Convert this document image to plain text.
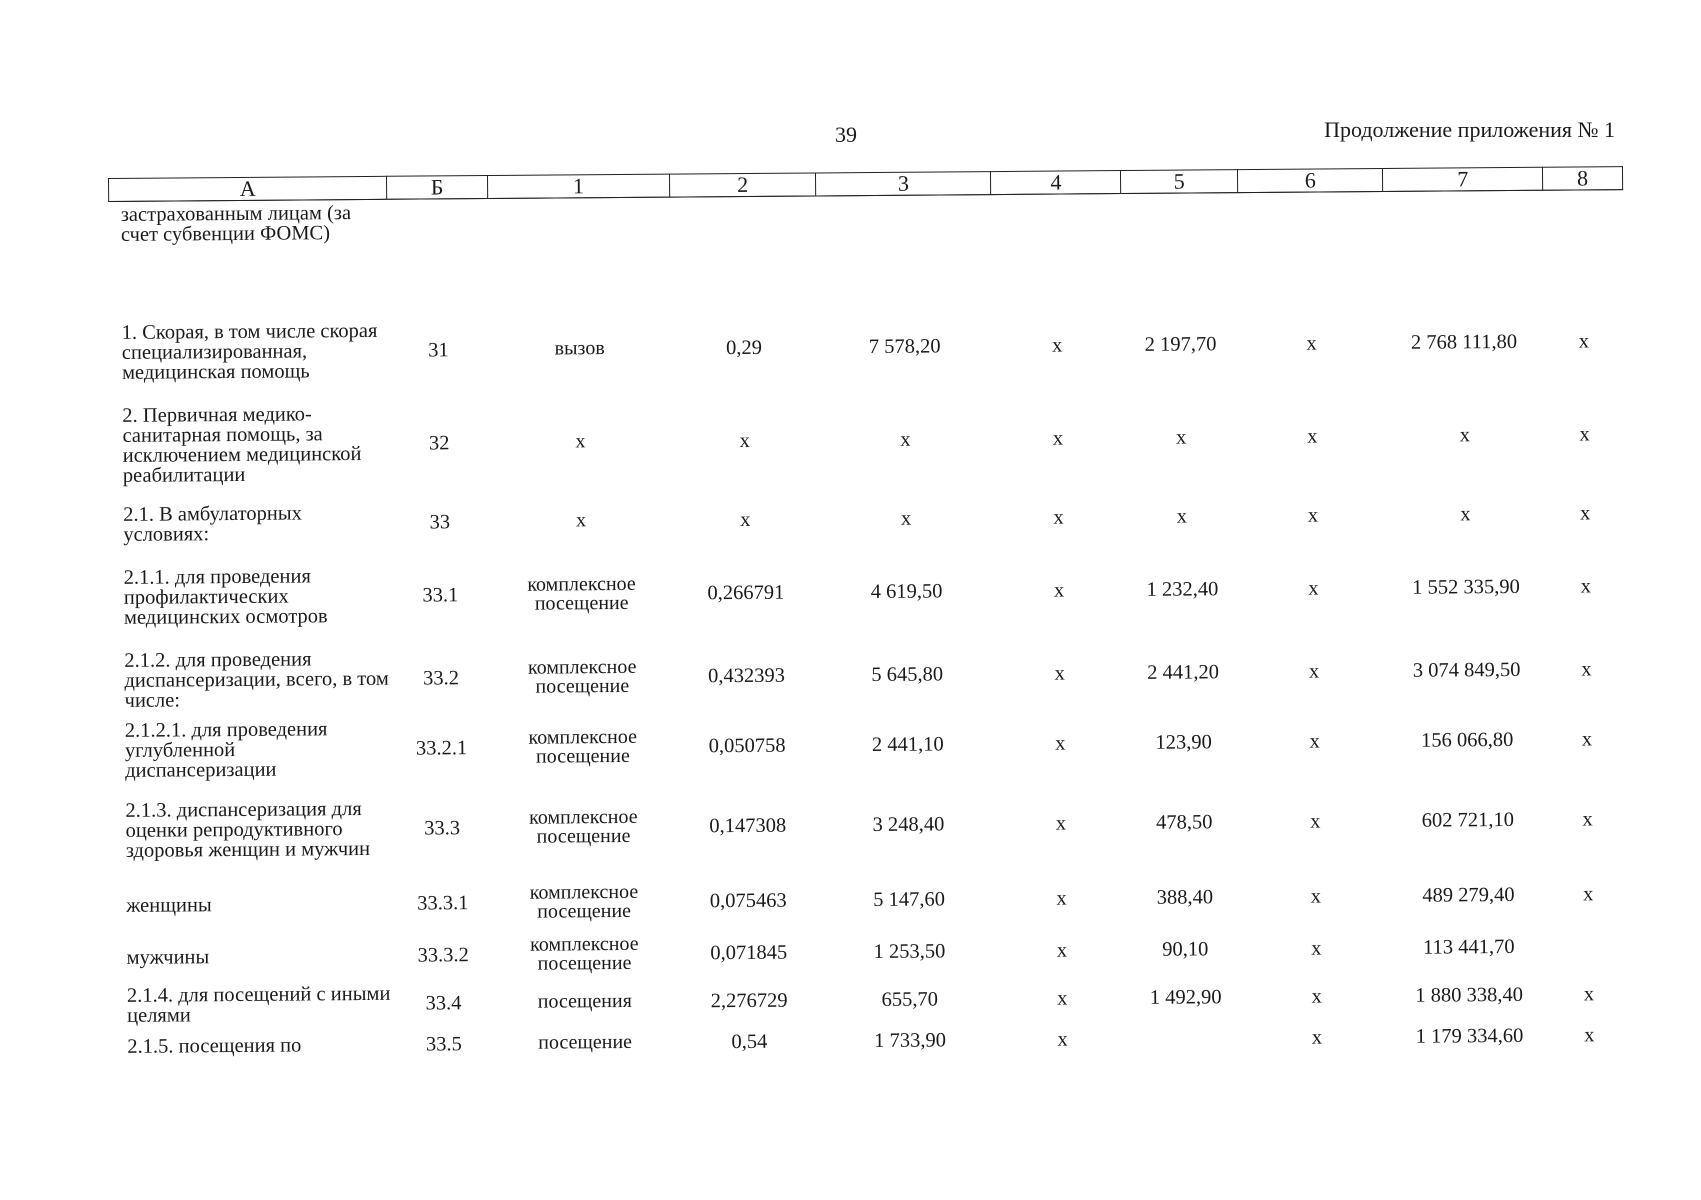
39	Продолжение приложения № 1
А	Б	1	2	3	4	5	6	7	8
застрахованным лицам (за счет субвенции ФОМС)									
1. Скорая, в том числе скорая специализированная, медицинская помощь	31	вызов	0,29	7 578,20	x	2 197,70	x	2 768 111,80	x
2. Первичная медико-санитарная помощь, за исключением медицинской реабилитации	32	x	x	x	x	x	x	x	x
2.1. В амбулаторных условиях:	33	x	x	x	x	x	x	x	x
2.1.1. для проведения профилактических медицинских осмотров	33.1	комплексное посещение	0,266791	4 619,50	x	1 232,40	x	1 552 335,90	x
2.1.2. для проведения диспансеризации, всего, в том числе:	33.2	комплексное посещение	0,432393	5 645,80	x	2 441,20	x	3 074 849,50	x
2.1.2.1. для проведения углубленной диспансеризации	33.2.1	комплексное посещение	0,050758	2 441,10	x	123,90	x	156 066,80	x
2.1.3. диспансеризация для оценки репродуктивного здоровья женщин и мужчин	33.3	комплексное посещение	0,147308	3 248,40	x	478,50	x	602 721,10	x
женщины	33.3.1	комплексное посещение	0,075463	5 147,60	x	388,40	x	489 279,40	x
мужчины	33.3.2	комплексное посещение	0,071845	1 253,50	x	90,10	x	113 441,70	
2.1.4. для посещений с иными целями	33.4	посещения	2,276729	655,70	x	1 492,90	x	1 880 338,40	x
2.1.5. посещения по	33.5	посещение	0,54	1 733,90	x		x	1 179 334,60	x
